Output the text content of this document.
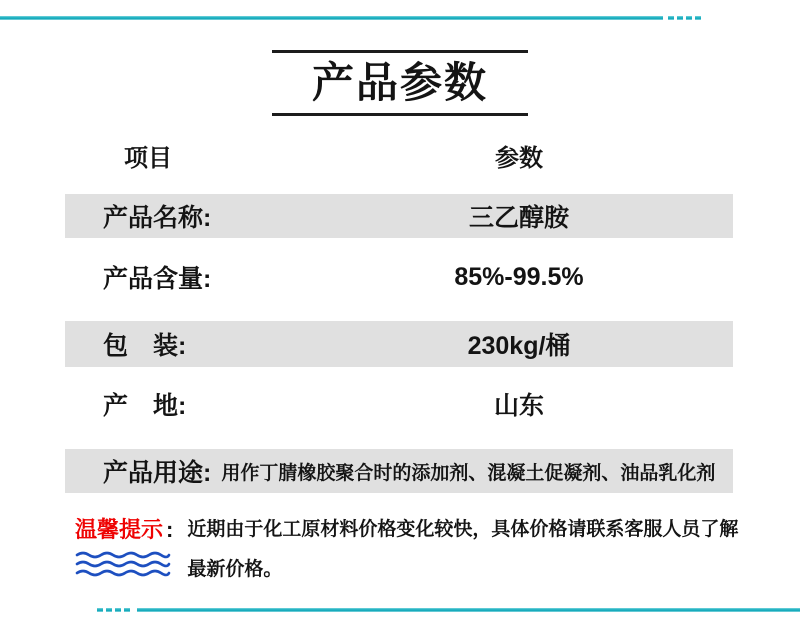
产品参数
项目	参数
产品名称:	三乙醇胺
产品含量:	85%-99.5%
包　装:	230kg/桶
产　地:	山东
产品用途: 用作丁腈橡胶聚合时的添加剂、混凝土促凝剂、油品乳化剂
温馨提示 : 近期由于化工原材料价格变化较快，具体价格请联系客服人员了解
最新价格。
